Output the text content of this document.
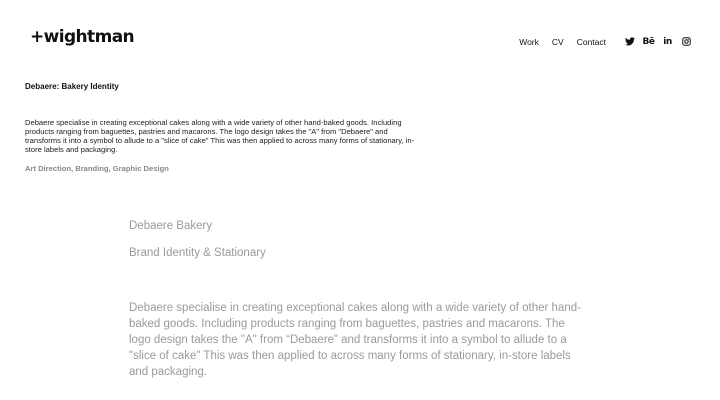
+wightman	Work CV Contact	Bē in
Debaere: Bakery Identity

Debaere specialise in creating exceptional cakes along with a wide variety of other hand-baked goods. Including products ranging from baguettes, pastries and macarons. The logo design takes the "A" from "Debaere" and transforms it into a symbol to allude to a "slice of cake" This was then applied to across many forms of stationary, in-store labels and packaging.

Art Direction, Branding, Graphic Design

Debaere Bakery

Brand Identity & Stationary

Debaere specialise in creating exceptional cakes along with a wide variety of other hand-baked goods. Including products ranging from baguettes, pastries and macarons. The logo design takes the "A" from “Debaere” and transforms it into a symbol to allude to a "slice of cake" This was then applied to across many forms of stationary, in-store labels and packaging.
